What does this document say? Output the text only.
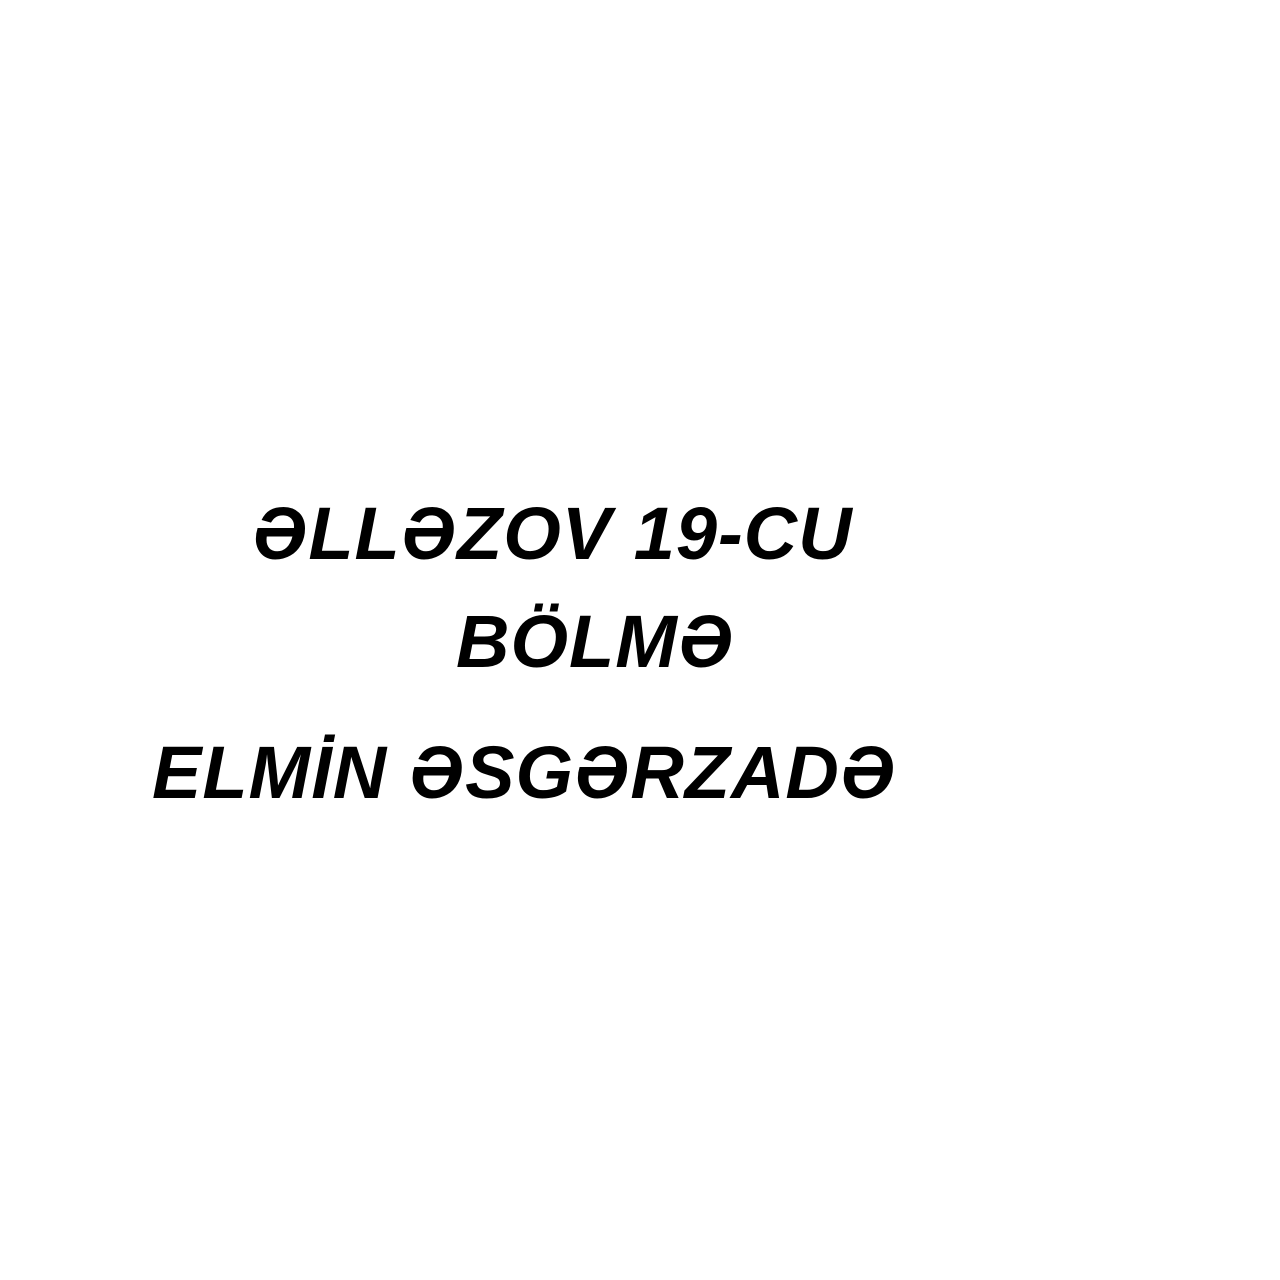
ƏLLƏZOV 19-CU
BÖLMƏ
ELMİN ƏSGƏRZADƏ
